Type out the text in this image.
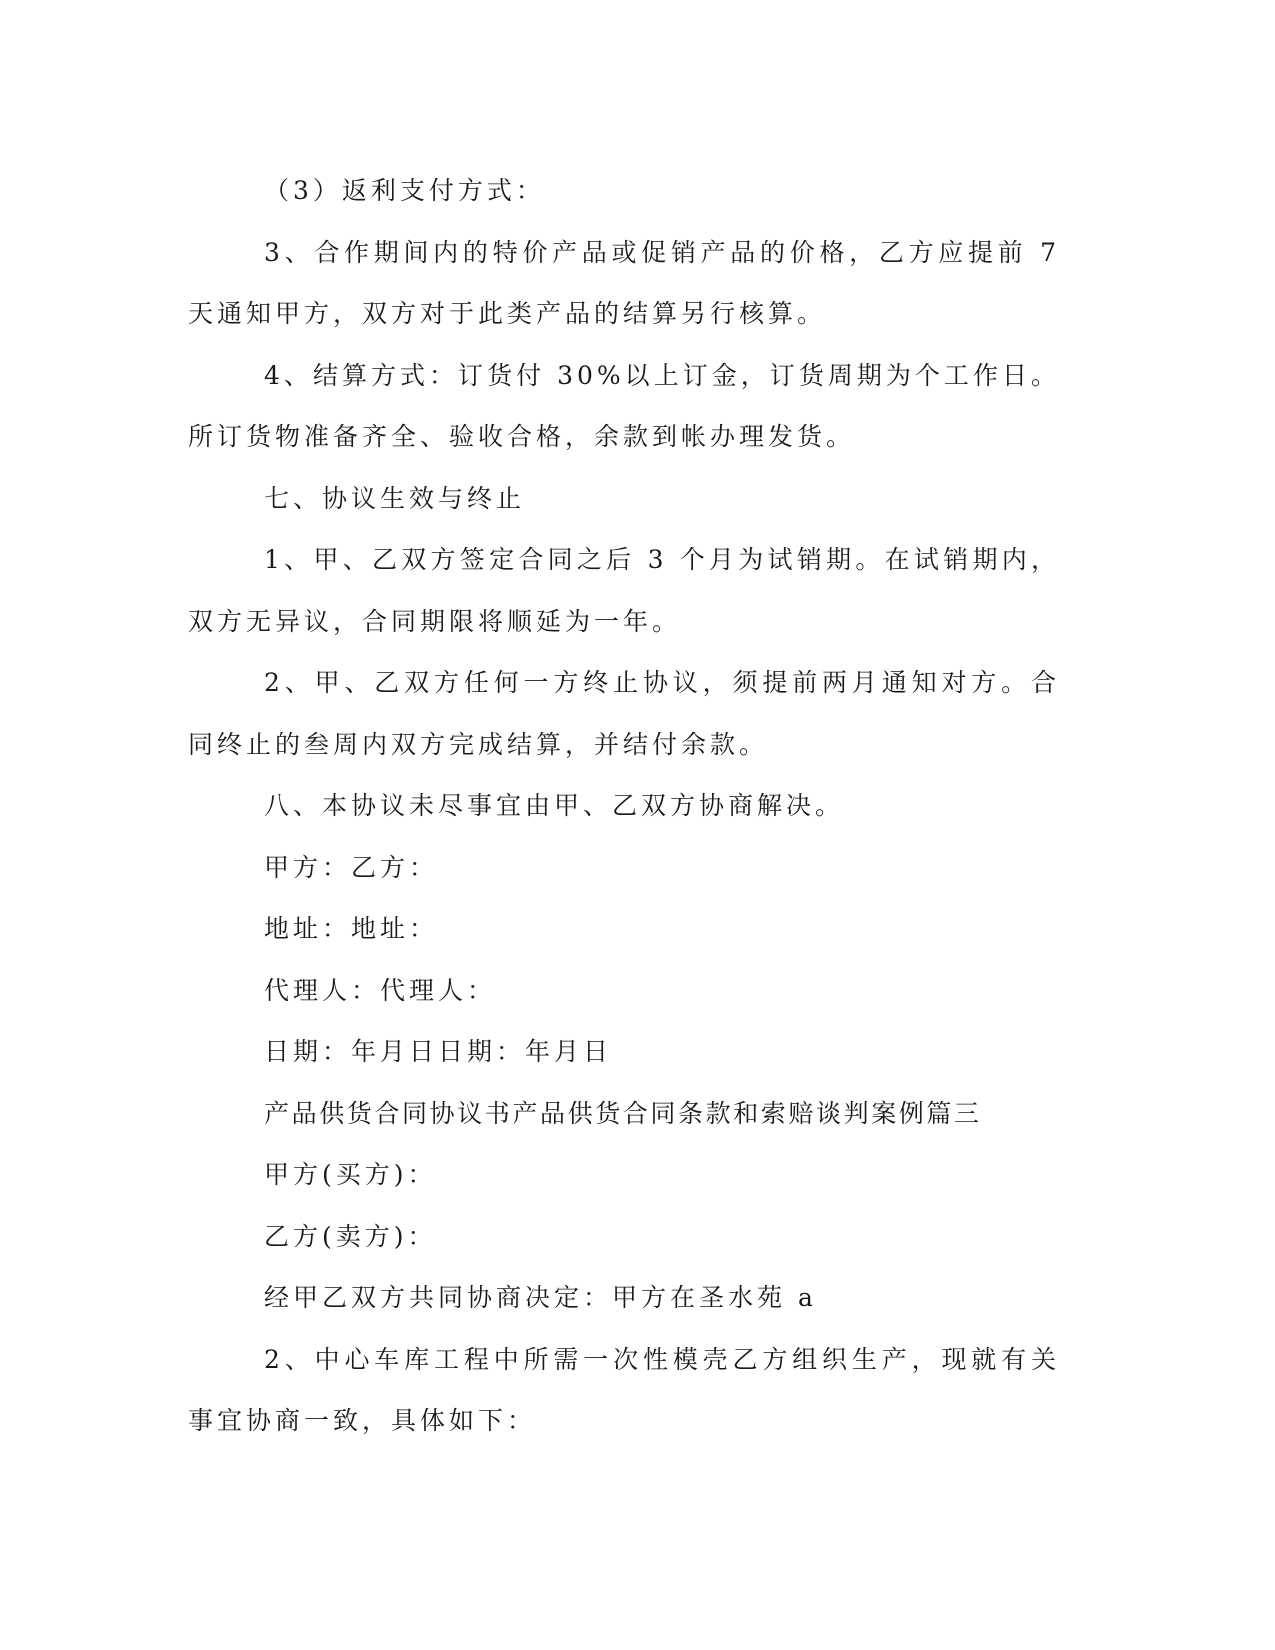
（3）返利支付方式：

3、合作期间内的特价产品或促销产品的价格，乙方应提前 7 天通知甲方，双方对于此类产品的结算另行核算。

4、结算方式：订货付 30%以上订金，订货周期为个工作日。所订货物准备齐全、验收合格，余款到帐办理发货。

七、协议生效与终止

1、甲、乙双方签定合同之后 3 个月为试销期。在试销期内，双方无异议，合同期限将顺延为一年。

2、甲、乙双方任何一方终止协议，须提前两月通知对方。合同终止的叁周内双方完成结算，并结付余款。

八、本协议未尽事宜由甲、乙双方协商解决。

甲方：乙方：

地址：地址：

代理人：代理人：

日期：年月日日期：年月日

产品供货合同协议书产品供货合同条款和索赔谈判案例篇三

甲方(买方)：

乙方(卖方)：

经甲乙双方共同协商决定：甲方在圣水苑 a

2、中心车库工程中所需一次性模壳乙方组织生产，现就有关事宜协商一致，具体如下：
